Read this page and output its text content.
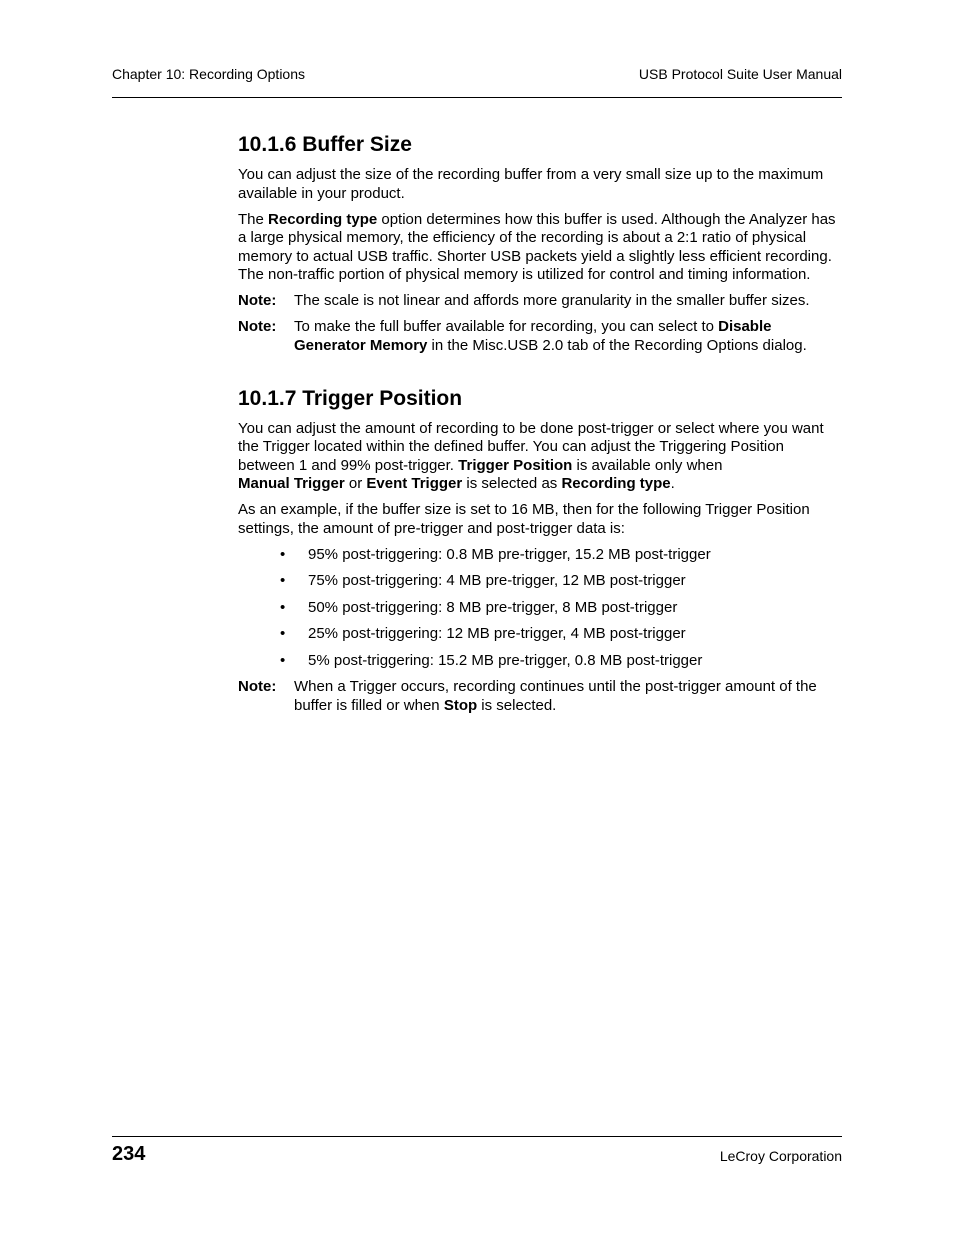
Chapter 10: Recording Options	USB Protocol Suite User Manual
10.1.6 Buffer Size

You can adjust the size of the recording buffer from a very small size up to the maximum available in your product.

The Recording type option determines how this buffer is used. Although the Analyzer has a large physical memory, the efficiency of the recording is about a 2:1 ratio of physical memory to actual USB traffic. Shorter USB packets yield a slightly less efficient recording. The non-traffic portion of physical memory is utilized for control and timing information.

Note:	The scale is not linear and affords more granularity in the smaller buffer sizes.
Note:	To make the full buffer available for recording, you can select to Disable Generator Memory in the Misc.USB 2.0 tab of the Recording Options dialog.
10.1.7 Trigger Position

You can adjust the amount of recording to be done post-trigger or select where you want the Trigger located within the defined buffer. You can adjust the Triggering Position between 1 and 99% post-trigger. Trigger Position is available only when
Manual Trigger or Event Trigger is selected as Recording type.

As an example, if the buffer size is set to 16 MB, then for the following Trigger Position settings, the amount of pre-trigger and post-trigger data is:

• 95% post-triggering: 0.8 MB pre-trigger, 15.2 MB post-trigger
• 75% post-triggering: 4 MB pre-trigger, 12 MB post-trigger
• 50% post-triggering: 8 MB pre-trigger, 8 MB post-trigger
• 25% post-triggering: 12 MB pre-trigger, 4 MB post-trigger
• 5% post-triggering: 15.2 MB pre-trigger, 0.8 MB post-trigger
Note:	When a Trigger occurs, recording continues until the post-trigger amount of the buffer is filled or when Stop is selected.
234	LeCroy Corporation
